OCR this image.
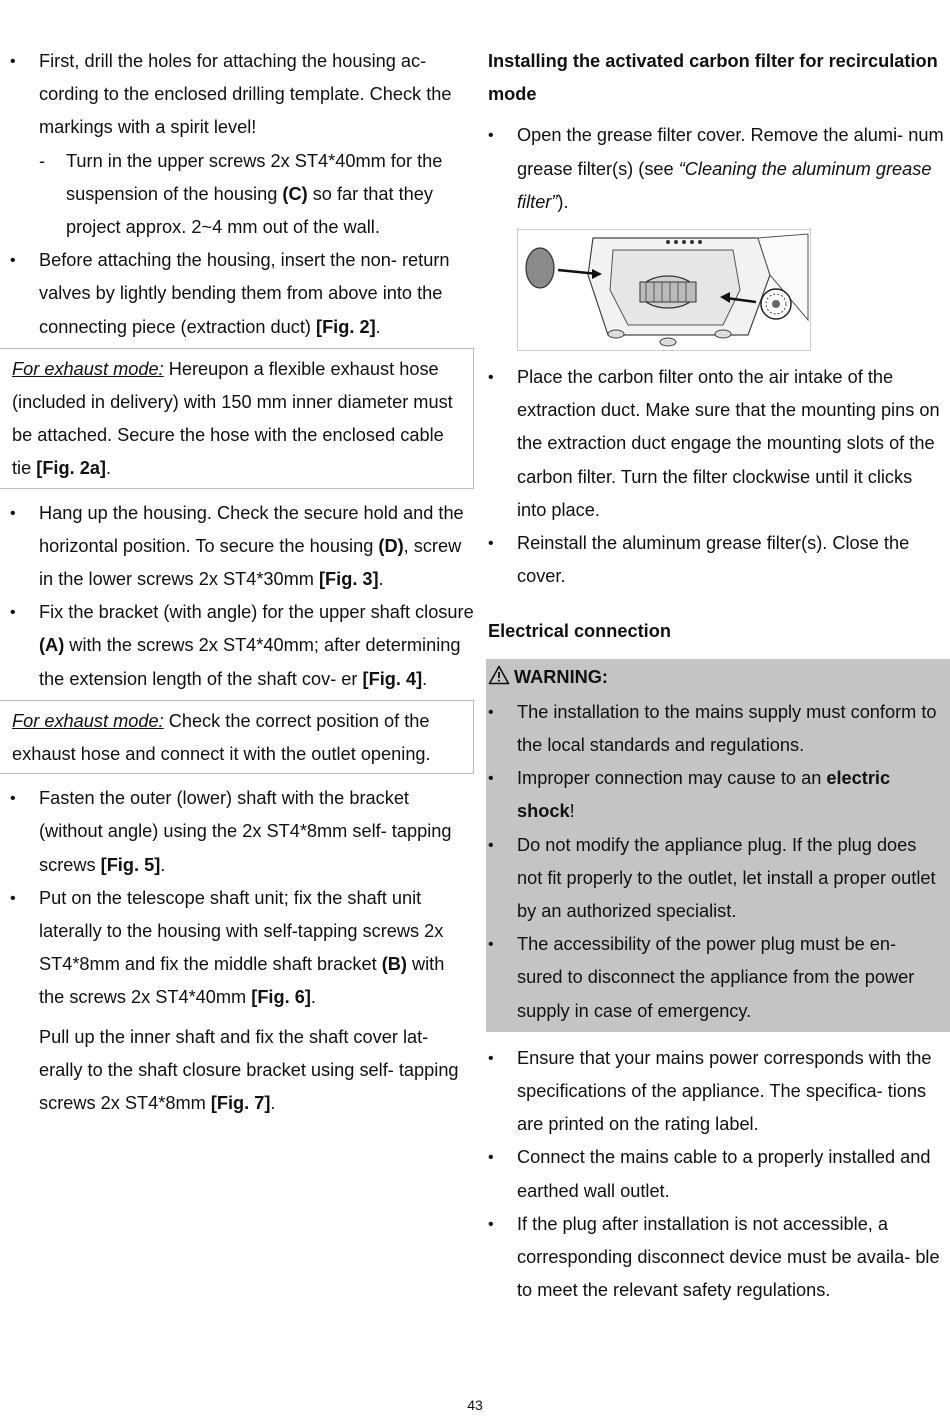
• First, drill the holes for attaching the housing ac- cording to the enclosed drilling template. Check the markings with a spirit level!
- Turn in the upper screws 2x ST4*40mm for the suspension of the housing (C) so far that they project approx. 2~4 mm out of the wall.
• Before attaching the housing, insert the non- return valves by lightly bending them from above into the connecting piece (extraction duct) [Fig. 2].
For exhaust mode: Hereupon a flexible exhaust hose (included in delivery) with 150 mm inner diameter must be attached. Secure the hose with the enclosed cable tie [Fig. 2a].
• Hang up the housing. Check the secure hold and the horizontal position. To secure the housing (D), screw in the lower screws 2x ST4*30mm [Fig. 3].
• Fix the bracket (with angle) for the upper shaft closure (A) with the screws 2x ST4*40mm; after determining the extension length of the shaft cov- er [Fig. 4].
For exhaust mode: Check the correct position of the exhaust hose and connect it with the outlet opening.
• Fasten the outer (lower) shaft with the bracket (without angle) using the 2x ST4*8mm self- tapping screws [Fig. 5].
• Put on the telescope shaft unit; fix the shaft unit laterally to the housing with self-tapping screws 2x ST4*8mm and fix the middle shaft bracket (B) with the screws 2x ST4*40mm [Fig. 6].
Pull up the inner shaft and fix the shaft cover lat- erally to the shaft closure bracket using self- tapping screws 2x ST4*8mm [Fig. 7].
Installing the activated carbon filter for recirculation mode
• Open the grease filter cover. Remove the alumi- num grease filter(s) (see “Cleaning the aluminum grease filter”).
• Place the carbon filter onto the air intake of the extraction duct. Make sure that the mounting pins on the extraction duct engage the mounting slots of the carbon filter. Turn the filter clockwise until it clicks into place.
• Reinstall the aluminum grease filter(s). Close the cover.
Electrical connection
WARNING:
• The installation to the mains supply must conform to the local standards and regulations.
• Improper connection may cause to an electric shock!
• Do not modify the appliance plug. If the plug does not fit properly to the outlet, let install a proper outlet by an authorized specialist.
• The accessibility of the power plug must be en- sured to disconnect the appliance from the power supply in case of emergency.
• Ensure that your mains power corresponds with the specifications of the appliance. The specifica- tions are printed on the rating label.
• Connect the mains cable to a properly installed and earthed wall outlet.
• If the plug after installation is not accessible, a corresponding disconnect device must be availa- ble to meet the relevant safety regulations.
43
